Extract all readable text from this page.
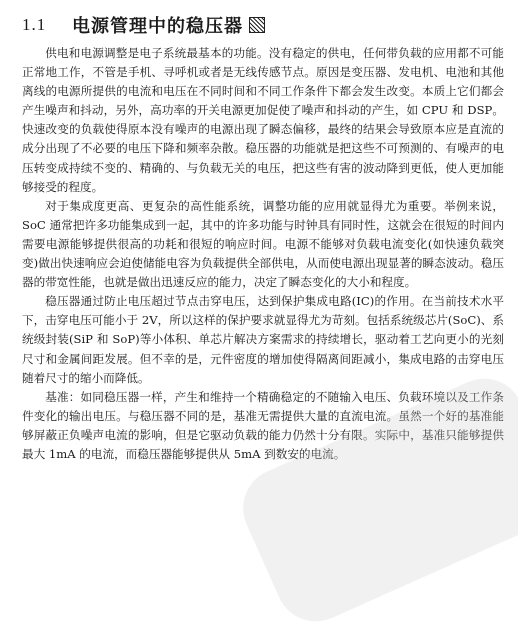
1.1	电源管理中的稳压器

供电和电源调整是电子系统最基本的功能。没有稳定的供电，任何带负载的应用都不可能正常地工作，不管是手机、寻呼机或者是无线传感节点。原因是变压器、发电机、电池和其他离线的电源所提供的电流和电压在不同时间和不同工作条件下都会发生改变。本质上它们都会产生噪声和抖动，另外，高功率的开关电源更加促使了噪声和抖动的产生，如 CPU 和 DSP。快速改变的负载使得原本没有噪声的电源出现了瞬态偏移，最终的结果会导致原本应是直流的成分出现了不必要的电压下降和频率杂散。稳压器的功能就是把这些不可预测的、有噪声的电压转变成持续不变的、精确的、与负载无关的电压，把这些有害的波动降到更低，使人更加能够接受的程度。

对于集成度更高、更复杂的高性能系统，调整功能的应用就显得尤为重要。举例来说，SoC 通常把许多功能集成到一起，其中的许多功能与时钟具有同时性，这就会在很短的时间内需要电源能够提供很高的功耗和很短的响应时间。电源不能够对负载电流变化(如快速负载突变)做出快速响应会迫使储能电容为负载提供全部供电，从而使电源出现显著的瞬态波动。稳压器的带宽性能，也就是做出迅速反应的能力，决定了瞬态变化的大小和程度。

稳压器通过防止电压超过节点击穿电压，达到保护集成电路(IC)的作用。在当前技术水平下，击穿电压可能小于 2V，所以这样的保护要求就显得尤为苛刻。包括系统级芯片(SoC)、系统级封装(SiP 和 SoP)等小体积、单芯片解决方案需求的持续增长，驱动着工艺向更小的光刻尺寸和金属间距发展。但不幸的是，元件密度的增加使得隔离间距减小，集成电路的击穿电压随着尺寸的缩小而降低。

基准：如同稳压器一样，产生和维持一个精确稳定的不随输入电压、负载环境以及工作条件变化的输出电压。与稳压器不同的是，基准无需提供大量的直流电流。虽然一个好的基准能够屏蔽正负噪声电流的影响，但是它驱动负载的能力仍然十分有限。实际中，基准只能够提供最大 1mA 的电流，而稳压器能够提供从 5mA 到数安的电流。
